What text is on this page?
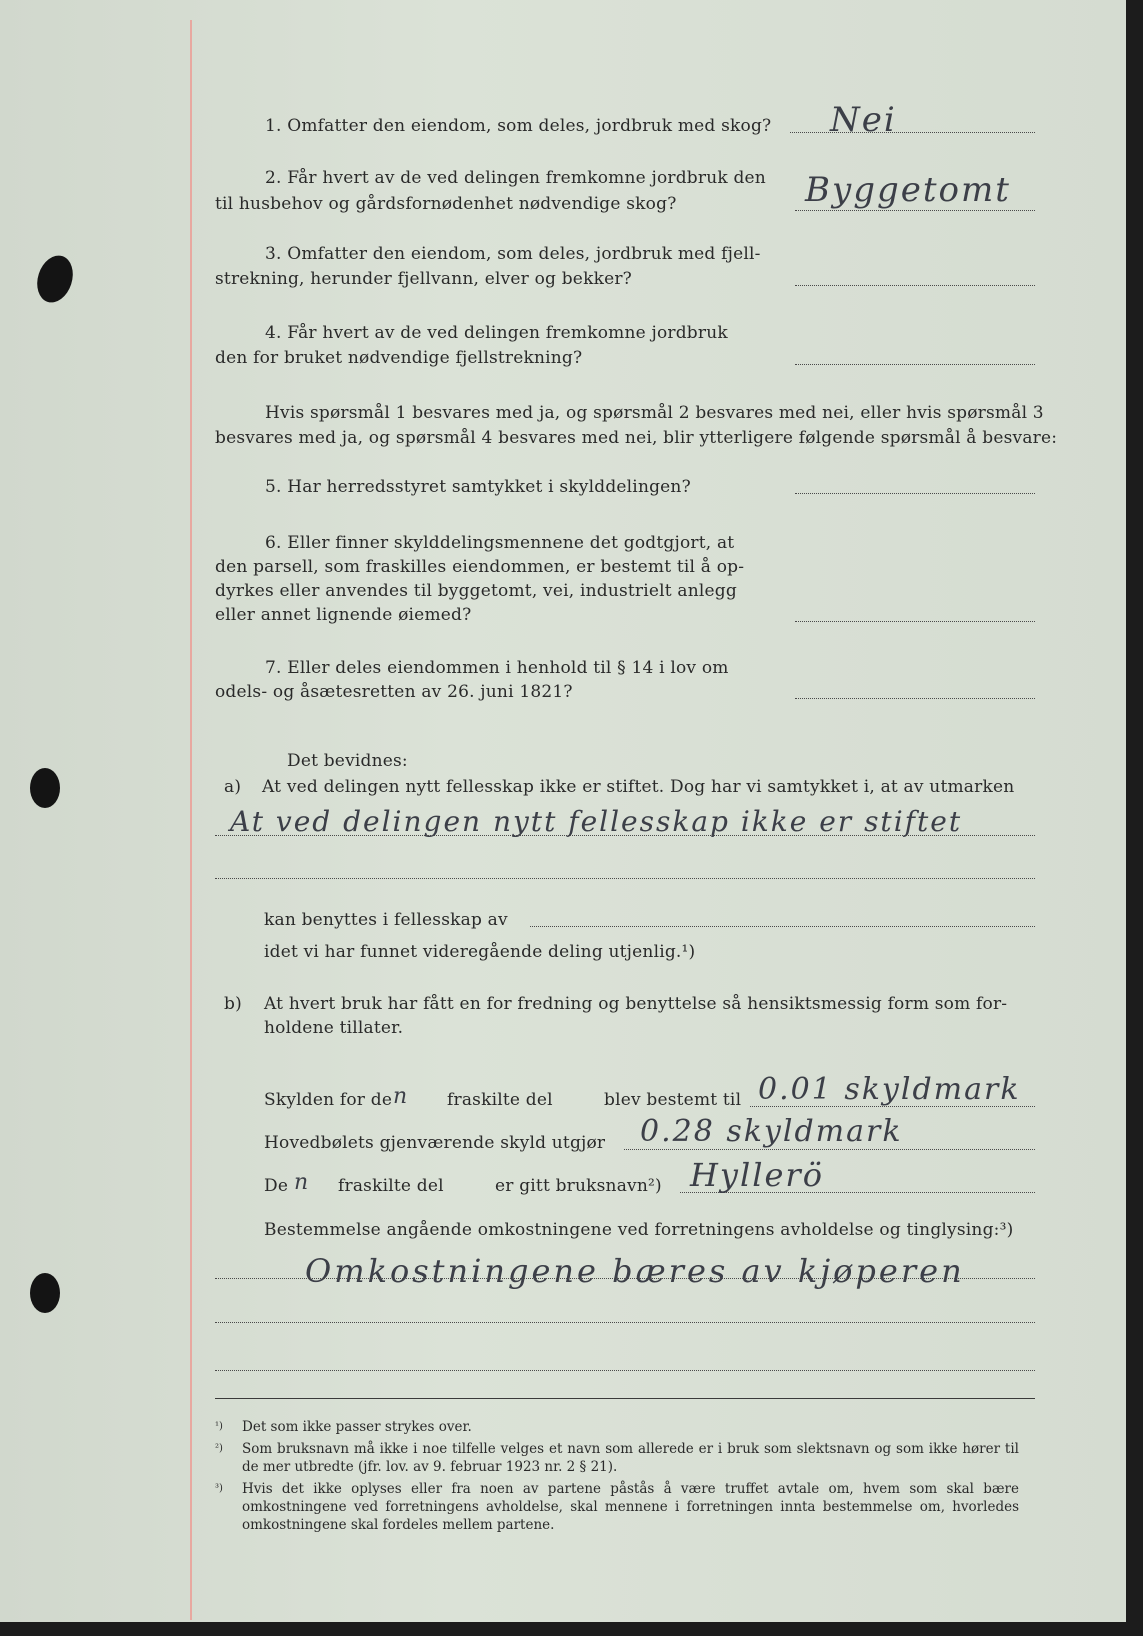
1. Omfatter den eiendom, som deles, jordbruk med skog? Nei
2. Får hvert av de ved delingen fremkomne jordbruk den
til husbehov og gårdsfornødenhet nødvendige skog?	Byggetomt
3. Omfatter den eiendom, som deles, jordbruk med fjell-
strekning, herunder fjellvann, elver og bekker?
4. Får hvert av de ved delingen fremkomne jordbruk
den for bruket nødvendige fjellstrekning?
Hvis spørsmål 1 besvares med ja, og spørsmål 2 besvares med nei, eller hvis spørsmål 3
besvares med ja, og spørsmål 4 besvares med nei, blir ytterligere følgende spørsmål å besvare:
5. Har herredsstyret samtykket i skylddelingen?
6. Eller finner skylddelingsmennene det godtgjort, at
den parsell, som fraskilles eiendommen, er bestemt til å op-
dyrkes eller anvendes til byggetomt, vei, industrielt anlegg
eller annet lignende øiemed?
7. Eller deles eiendommen i henhold til § 14 i lov om
odels- og åsætesretten av 26. juni 1821?
Det bevidnes:
a) At ved delingen nytt fellesskap ikke er stiftet. Dog har vi samtykket i, at av utmarken
At ved delingen nytt fellesskap ikke er stiftet
kan benyttes i fellesskap av
idet vi har funnet videregående deling utjenlig.¹)
b) At hvert bruk har fått en for fredning og benyttelse så hensiktsmessig form som for-
holdene tillater.
Skylden for de n fraskilte del	blev bestemt til 0.01 skyldmark
Hovedbølets gjenværende skyld utgjør 0.28 skyldmark
De n fraskilte del	er gitt bruksnavn²) Hyllerö
Bestemmelse angående omkostningene ved forretningens avholdelse og tinglysing:³)
Omkostningene bæres av kjøperen
¹) Det som ikke passer strykes over.
²) Som bruksnavn må ikke i noe tilfelle velges et navn som allerede er i bruk som slektsnavn og som ikke hører til de mer utbredte (jfr. lov. av 9. februar 1923 nr. 2 § 21).
³) Hvis det ikke oplyses eller fra noen av partene påstås å være truffet avtale om, hvem som skal bære omkostningene ved forretningens avholdelse, skal mennene i forretningen innta bestemmelse om, hvorledes omkostningene skal fordeles mellem partene.
